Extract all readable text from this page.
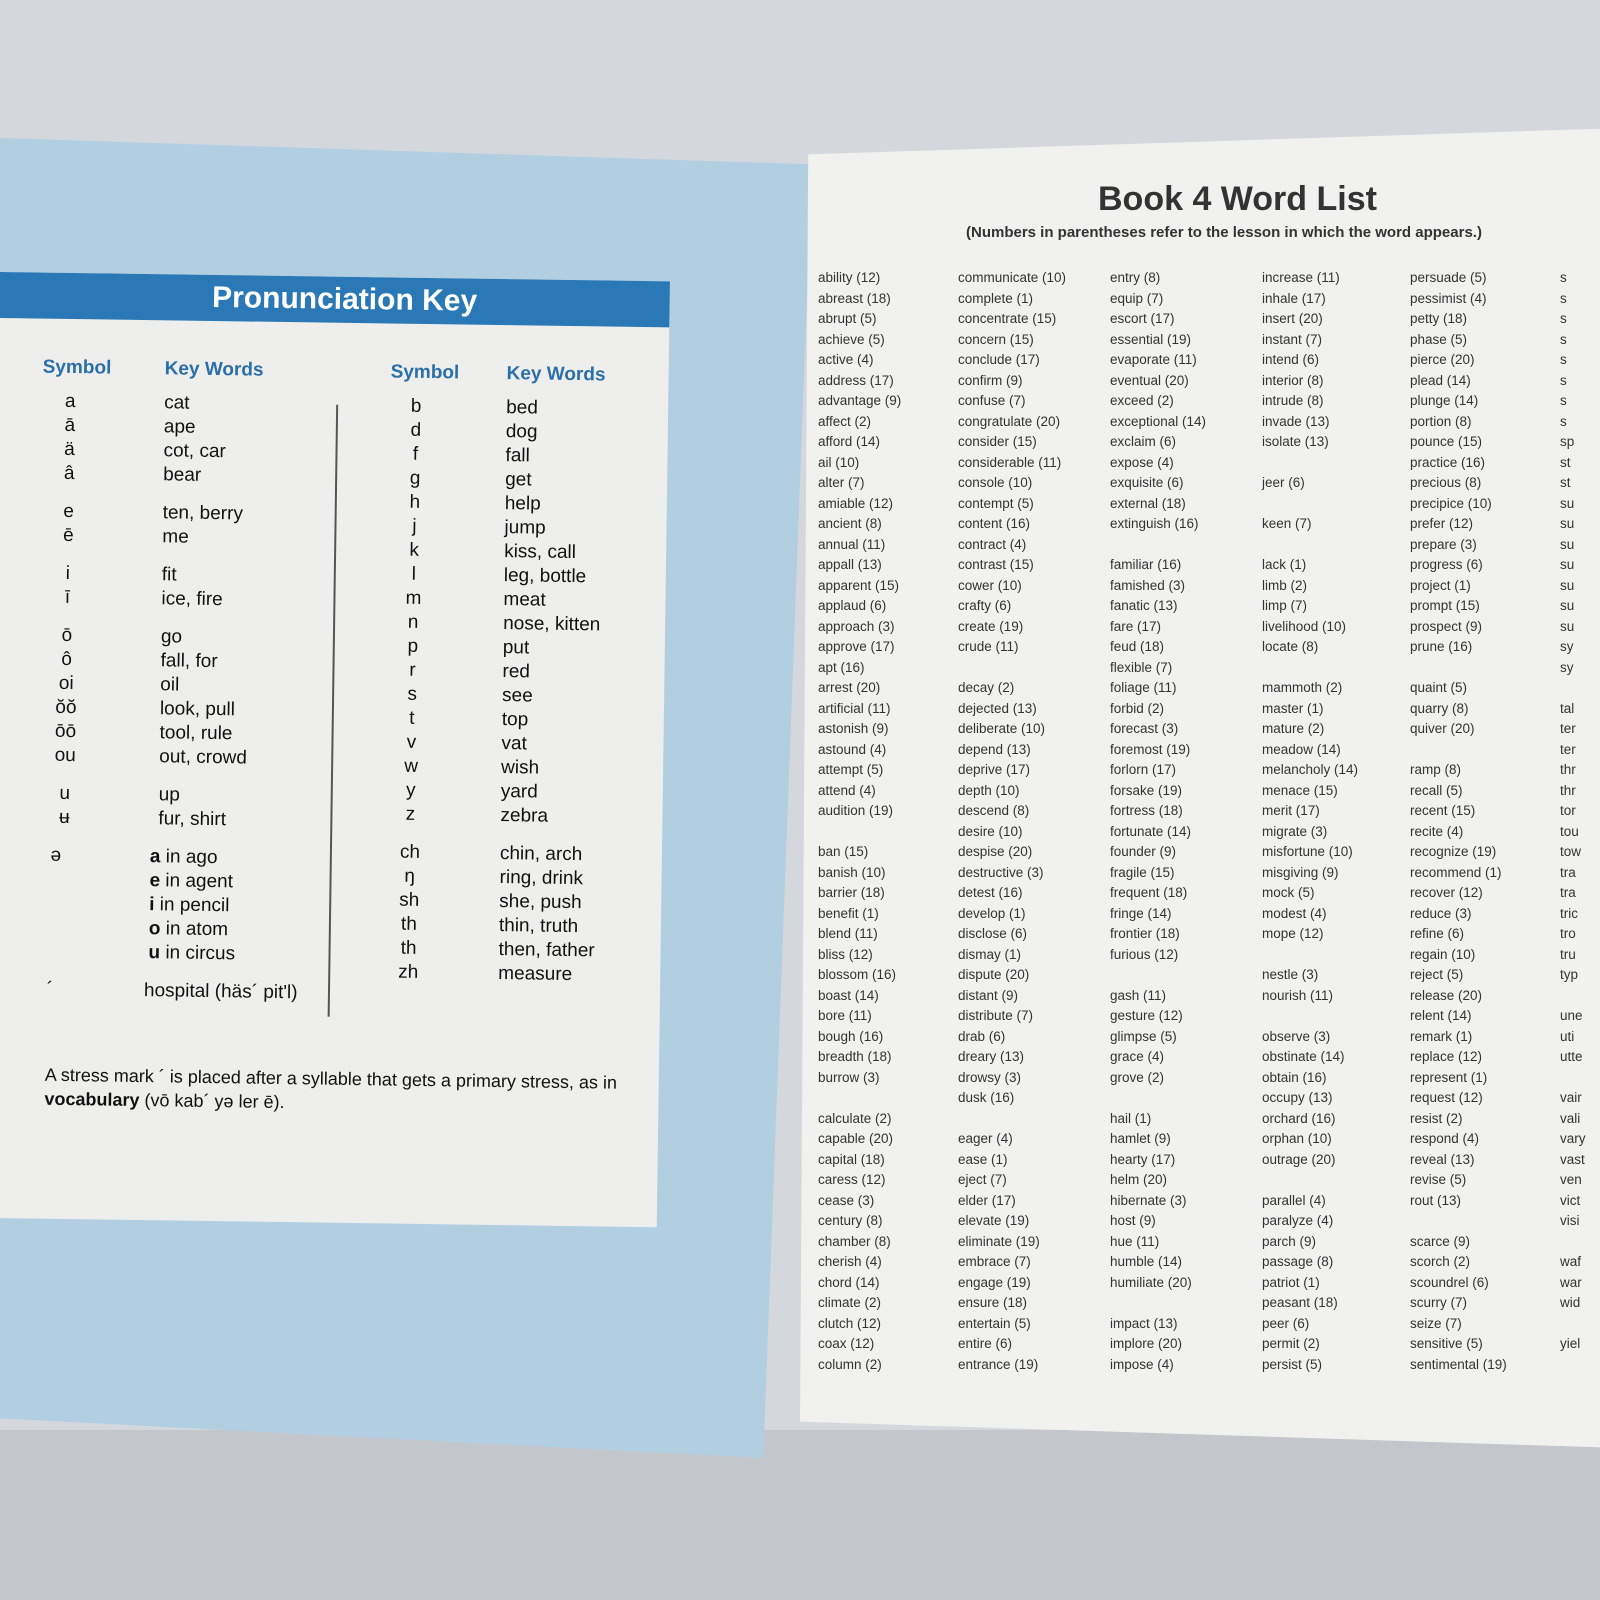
Pronunciation Key
Symbol	Key Words	Symbol Key Words
a	cat
ā	ape
ä	cot, car
â	bear
e	ten, berry
ē	me
i	fit
ī	ice, fire
ō	go
ô	fall, for
oi	oil
ŏŏ	look, pull
ōō	tool, rule
ou	out, crowd
u	up
ʉ	fur, shirt
ə	a in ago
e in agent
i in pencil
o in atom
u in circus
´	hospital (häs´ pit'l)
b	bed
d	dog
f	fall
g	get
h	help
j	jump
k	kiss, call
l	leg, bottle
m	meat
n	nose, kitten
p	put
r	red
s	see
t	top
v	vat
w	wish
y	yard
z	zebra
ch	chin, arch
ŋ	ring, drink
sh	she, push
th	thin, truth
th	then, father
zh	measure
A stress mark ´ is placed after a syllable that gets a primary stress, as in vocabulary (vō kab´ yə ler ē).
Book 4 Word List
(Numbers in parentheses refer to the lesson in which the word appears.)
ability (12)
abreast (18)
abrupt (5)
achieve (5)
active (4)
address (17)
advantage (9)
affect (2)
afford (14)
ail (10)
alter (7)
amiable (12)
ancient (8)
annual (11)
appall (13)
apparent (15)
applaud (6)
approach (3)
approve (17)
apt (16)
arrest (20)
artificial (11)
astonish (9)
astound (4)
attempt (5)
attend (4)
audition (19)

ban (15)
banish (10)
barrier (18)
benefit (1)
blend (11)
bliss (12)
blossom (16)
boast (14)
bore (11)
bough (16)
breadth (18)
burrow (3)

calculate (2)
capable (20)
capital (18)
caress (12)
cease (3)
century (8)
chamber (8)
cherish (4)
chord (14)
climate (2)
clutch (12)
coax (12)
column (2)
communicate (10)
complete (1)
concentrate (15)
concern (15)
conclude (17)
confirm (9)
confuse (7)
congratulate (20)
consider (15)
considerable (11)
console (10)
contempt (5)
content (16)
contract (4)
contrast (15)
cower (10)
crafty (6)
create (19)
crude (11)

decay (2)
dejected (13)
deliberate (10)
depend (13)
deprive (17)
depth (10)
descend (8)
desire (10)
despise (20)
destructive (3)
detest (16)
develop (1)
disclose (6)
dismay (1)
dispute (20)
distant (9)
distribute (7)
drab (6)
dreary (13)
drowsy (3)
dusk (16)

eager (4)
ease (1)
eject (7)
elder (17)
elevate (19)
eliminate (19)
embrace (7)
engage (19)
ensure (18)
entertain (5)
entire (6)
entrance (19)
entry (8)
equip (7)
escort (17)
essential (19)
evaporate (11)
eventual (20)
exceed (2)
exceptional (14)
exclaim (6)
expose (4)
exquisite (6)
external (18)
extinguish (16)

familiar (16)
famished (3)
fanatic (13)
fare (17)
feud (18)
flexible (7)
foliage (11)
forbid (2)
forecast (3)
foremost (19)
forlorn (17)
forsake (19)
fortress (18)
fortunate (14)
founder (9)
fragile (15)
frequent (18)
fringe (14)
frontier (18)
furious (12)

gash (11)
gesture (12)
glimpse (5)
grace (4)
grove (2)

hail (1)
hamlet (9)
hearty (17)
helm (20)
hibernate (3)
host (9)
hue (11)
humble (14)
humiliate (20)

impact (13)
implore (20)
impose (4)
increase (11)
inhale (17)
insert (20)
instant (7)
intend (6)
interior (8)
intrude (8)
invade (13)
isolate (13)

jeer (6)

keen (7)

lack (1)
limb (2)
limp (7)
livelihood (10)
locate (8)

mammoth (2)
master (1)
mature (2)
meadow (14)
melancholy (14)
menace (15)
merit (17)
migrate (3)
misfortune (10)
misgiving (9)
mock (5)
modest (4)
mope (12)

nestle (3)
nourish (11)

observe (3)
obstinate (14)
obtain (16)
occupy (13)
orchard (16)
orphan (10)
outrage (20)

parallel (4)
paralyze (4)
parch (9)
passage (8)
patriot (1)
peasant (18)
peer (6)
permit (2)
persist (5)
persuade (5)
pessimist (4)
petty (18)
phase (5)
pierce (20)
plead (14)
plunge (14)
portion (8)
pounce (15)
practice (16)
precious (8)
precipice (10)
prefer (12)
prepare (3)
progress (6)
project (1)
prompt (15)
prospect (9)
prune (16)

quaint (5)
quarry (8)
quiver (20)

ramp (8)
recall (5)
recent (15)
recite (4)
recognize (19)
recommend (1)
recover (12)
reduce (3)
refine (6)
regain (10)
reject (5)
release (20)
relent (14)
remark (1)
replace (12)
represent (1)
request (12)
resist (2)
respond (4)
reveal (13)
revise (5)
rout (13)

scarce (9)
scorch (2)
scoundrel (6)
scurry (7)
seize (7)
sensitive (5)
sentimental (19)
s
s
s
s
s
s
s
s
sp
st
st
su
su
su
su
su
su
su
sy
sy

tal
ter
ter
thr
thr
tor
tou
tow
tra
tra
tric
tro
tru
typ

une
uti
utte

vair
vali
vary
vast
ven
vict
visi

waf
war
wid

yiel
